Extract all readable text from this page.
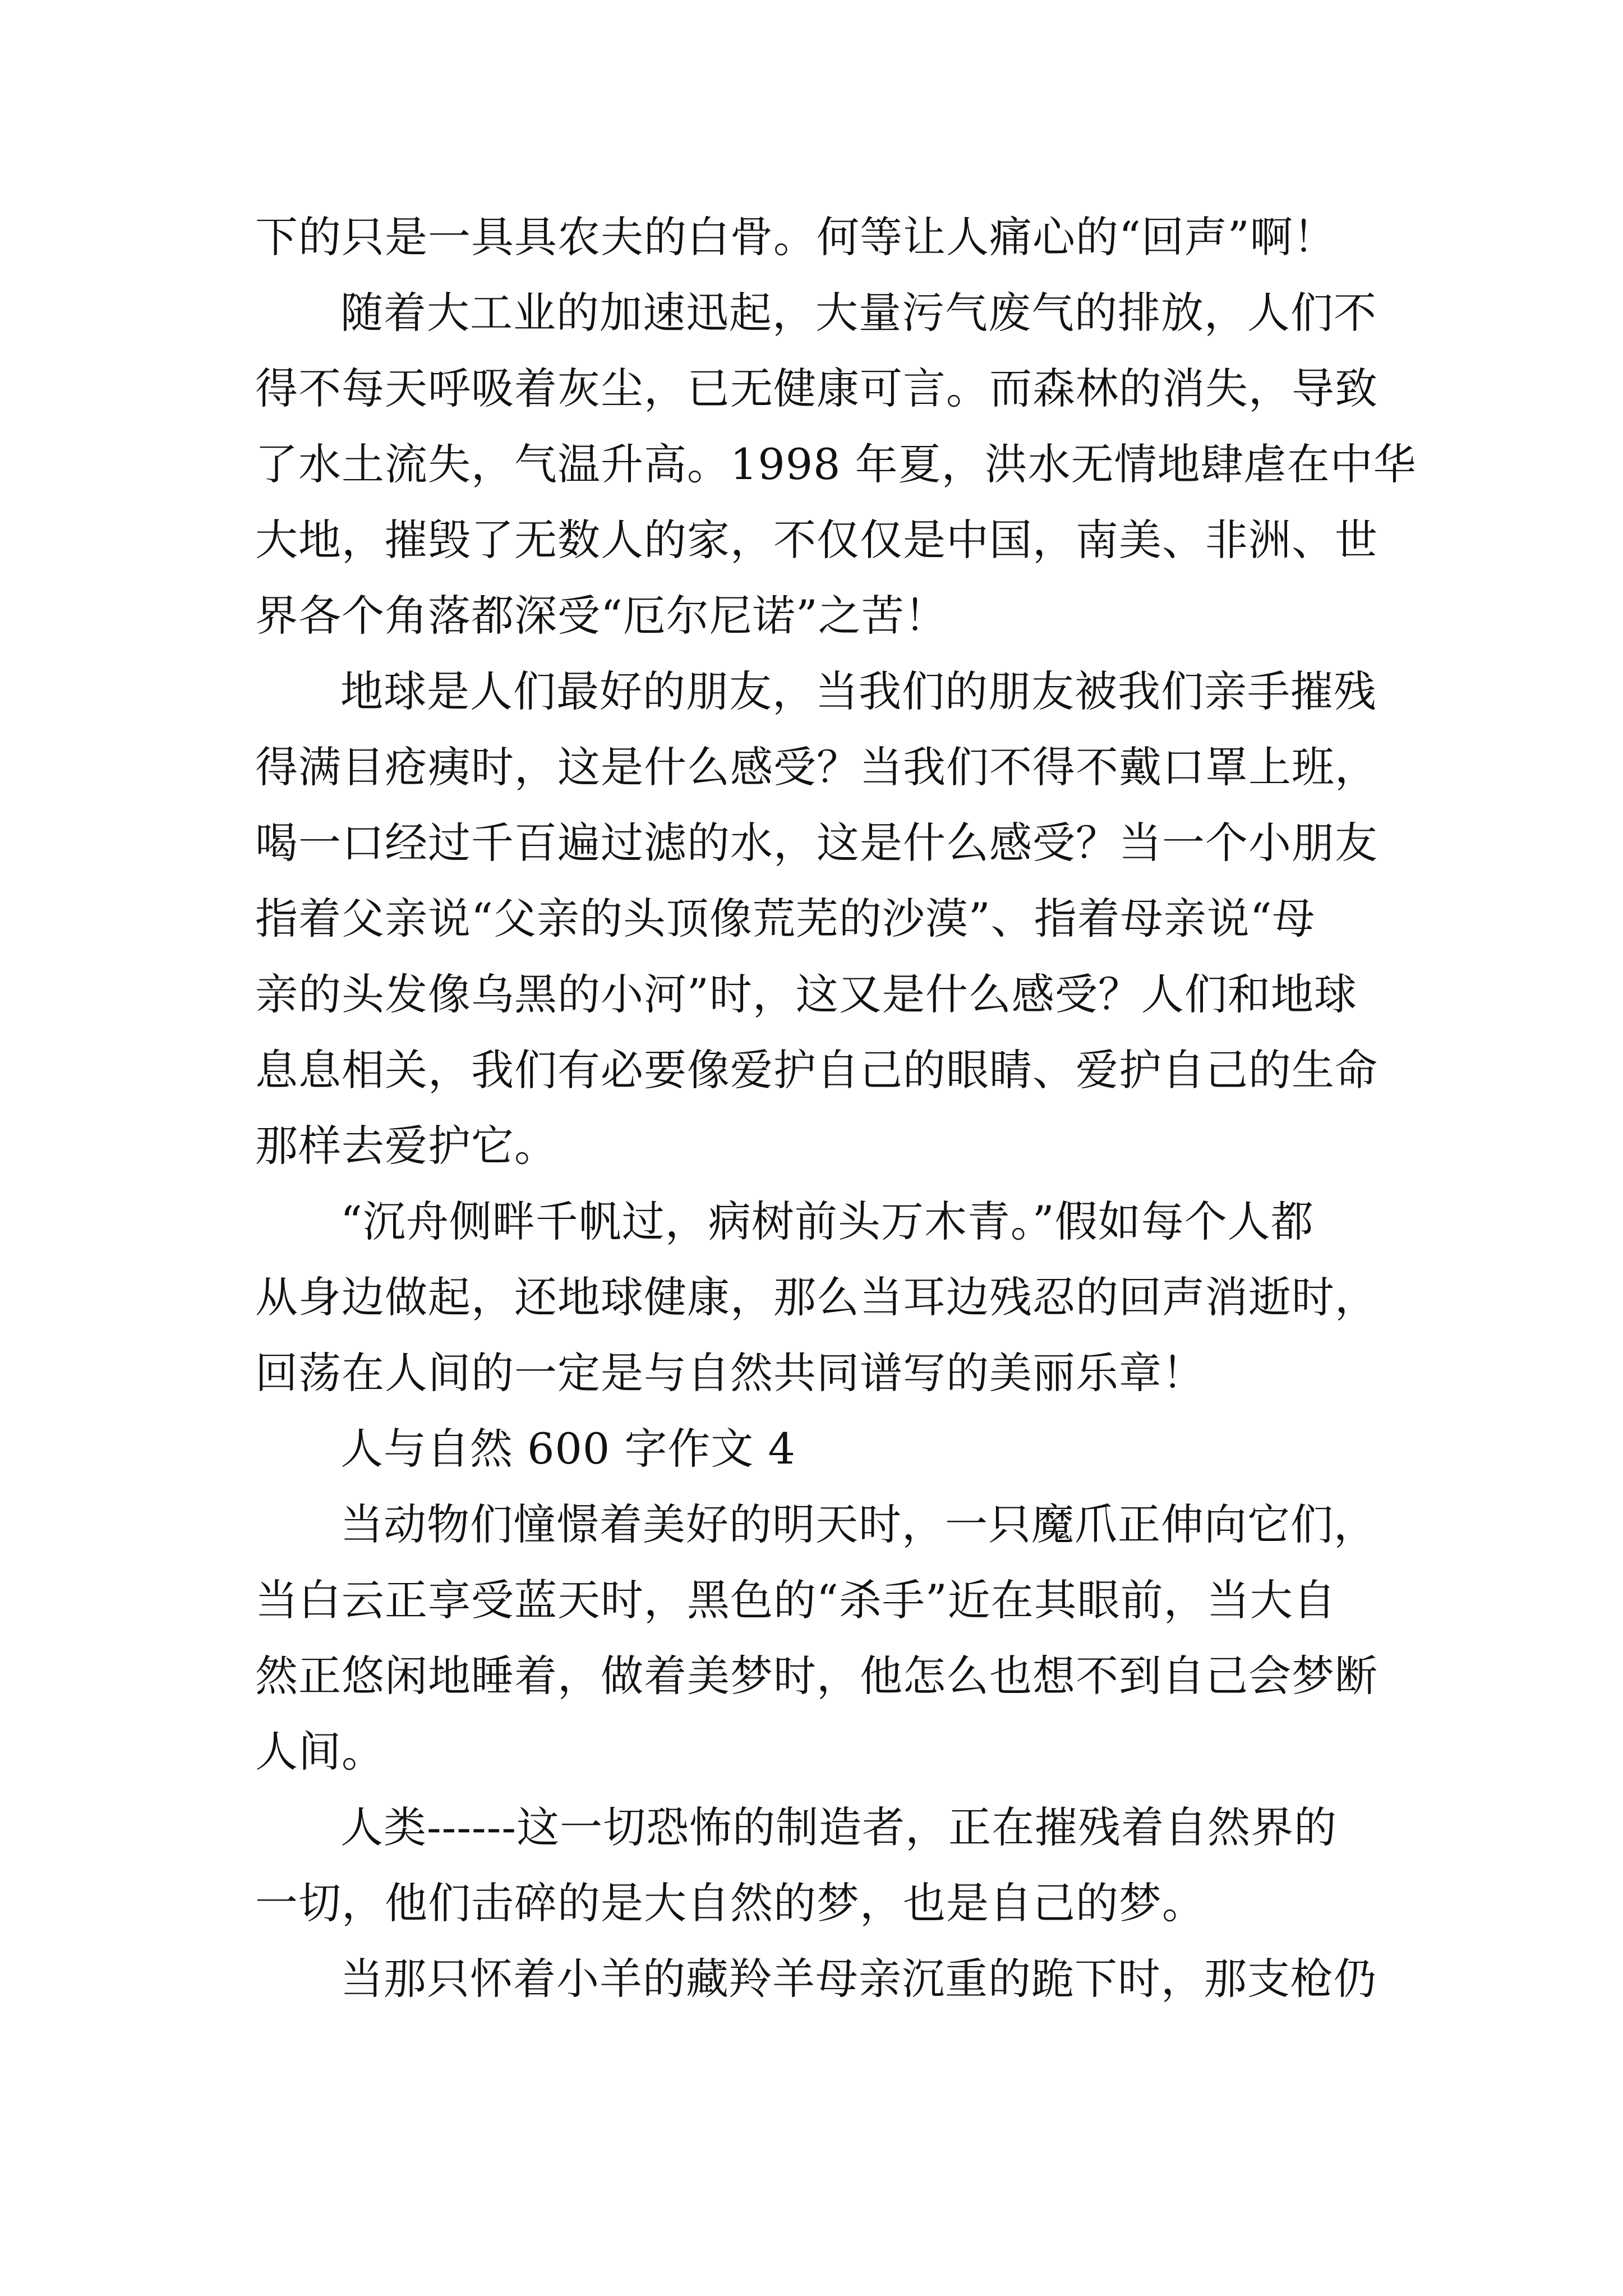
下的只是一具具农夫的白骨。何等让人痛心的“回声”啊！
随着大工业的加速迅起，大量污气废气的排放，人们不
得不每天呼吸着灰尘，已无健康可言。而森林的消失，导致
了水土流失，气温升高。1998 年夏，洪水无情地肆虐在中华
大地，摧毁了无数人的家，不仅仅是中国，南美、非洲、世
界各个角落都深受“厄尔尼诺”之苦！
地球是人们最好的朋友，当我们的朋友被我们亲手摧残
得满目疮痍时，这是什么感受？当我们不得不戴口罩上班，
喝一口经过千百遍过滤的水，这是什么感受？当一个小朋友
指着父亲说“父亲的头顶像荒芜的沙漠”、指着母亲说“母
亲的头发像乌黑的小河”时，这又是什么感受？人们和地球
息息相关，我们有必要像爱护自己的眼睛、爱护自己的生命
那样去爱护它。
“沉舟侧畔千帆过，病树前头万木青。”假如每个人都
从身边做起，还地球健康，那么当耳边残忍的回声消逝时，
回荡在人间的一定是与自然共同谱写的美丽乐章！
人与自然 600 字作文 4
当动物们憧憬着美好的明天时，一只魔爪正伸向它们，
当白云正享受蓝天时，黑色的“杀手”近在其眼前，当大自
然正悠闲地睡着，做着美梦时，他怎么也想不到自己会梦断
人间。
人类------这一切恐怖的制造者，正在摧残着自然界的
一切，他们击碎的是大自然的梦，也是自己的梦。
当那只怀着小羊的藏羚羊母亲沉重的跪下时，那支枪仍
